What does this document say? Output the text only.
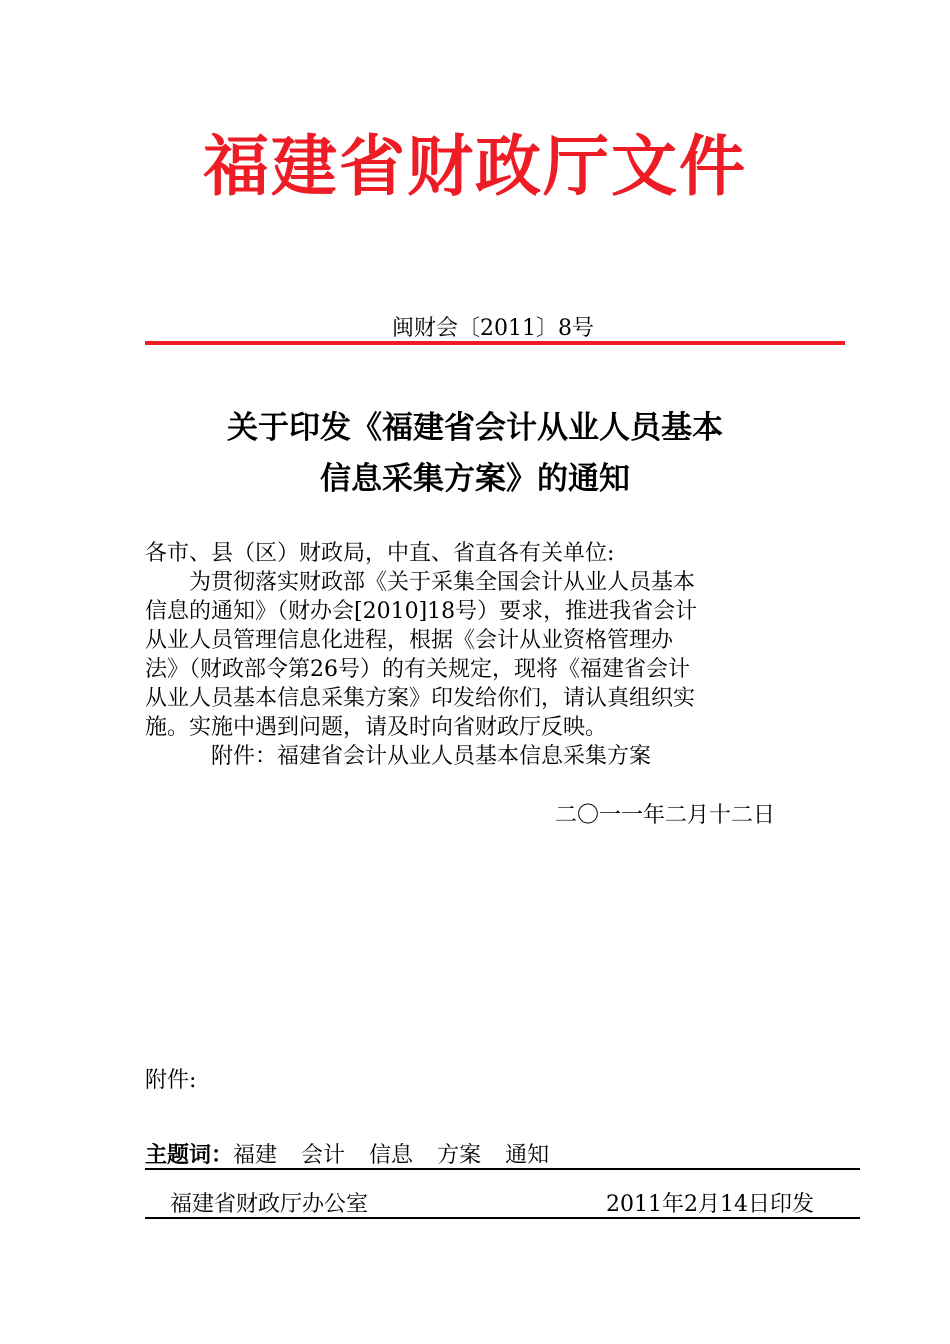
福建省财政厅文件
闽财会〔2011〕8号
关于印发《福建省会计从业人员基本
信息采集方案》的通知
各市、县（区）财政局，中直、省直各有关单位:
为贯彻落实财政部《关于采集全国会计从业人员基本
信息的通知》（财办会[2010]18号）要求，推进我省会计
从业人员管理信息化进程，根据《会计从业资格管理办
法》（财政部令第26号）的有关规定，现将《福建省会计
从业人员基本信息采集方案》印发给你们，请认真组织实
施。实施中遇到问题，请及时向省财政厅反映。
附件：福建省会计从业人员基本信息采集方案
二〇一一年二月十二日
附件:
主题词：福建 会计 信息 方案 通知
福建省财政厅办公室	2011年2月14日印发
